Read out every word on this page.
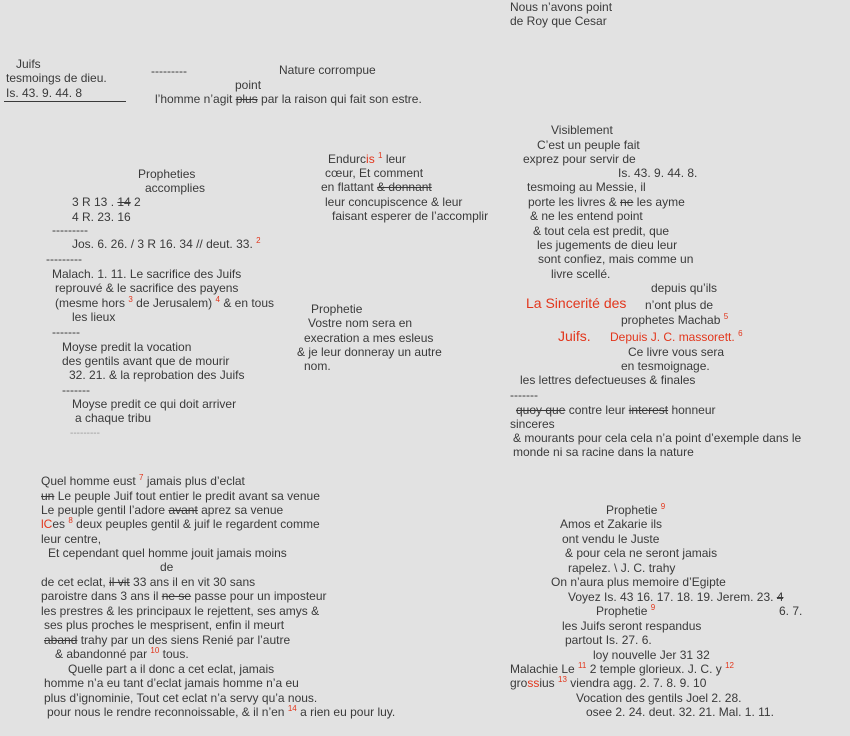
Nous n’avons point
de Roy que Cesar
Juifs
tesmoings de dieu.
Is. 43. 9. 44. 8
---------	Nature corrompue
point
l’homme n’agit plus par la raison qui fait son estre.
Propheties
accomplies
3 R 13 . 14 2
4 R. 23. 16
---------
Jos. 6. 26. / 3 R 16. 34 // deut. 33. $^2$
---------
Malach. 1. 11. Le sacrifice des Juifs
reprouvé & le sacrifice des payens
(mesme hors $^3$ de Jerusalem) $^4$ & en tous
les lieux
-------
Moyse predit la vocation
des gentils avant que de mourir
32. 21. & la reprobation des Juifs
-------
Moyse predit ce qui doit arriver
a chaque tribu
---------
Endurcis $^1$ leur
cœur, Et comment
en flattant & donnant
leur concupiscence & leur
faisant esperer de l’accomplir
Prophetie
Vostre nom sera en
execration a mes esleus
& je leur donneray un autre
nom.
Visiblement
C’est un peuple fait
exprez pour servir de
Is. 43. 9. 44. 8.
tesmoing au Messie, il
porte les livres & ne les ayme
& ne les entend point
& tout cela est predit, que
les jugements de dieu leur
sont confiez, mais comme un
livre scellé.
depuis qu’ils
La Sincerité des n’ont plus de
prophetes Machab $^5$
Juifs. Depuis J. C. massorett. $^6$
Ce livre vous sera
en tesmoignage.
les lettres defectueuses & finales
-------
quoy que contre leur interest honneur
sinceres
& mourants pour cela cela n’a point d’exemple dans le
monde ni sa racine dans la nature
Quel homme eust $^7$ jamais plus d’eclat
un Le peuple Juif tout entier le predit avant sa venue
Le peuple gentil l’adore avant aprez sa venue
lCes $^8$ deux peuples gentil & juif le regardent comme
leur centre,
Et cependant quel homme jouit jamais moins
de
de cet eclat, il vit 33 ans il en vit 30 sans
paroistre dans 3 ans il ne se passe pour un imposteur
les prestres & les principaux le rejettent, ses amys &
ses plus proches le mesprisent, enfin il meurt
aband trahy par un des siens Renié par l’autre
& abandonné par $^{10}$ tous.
Quelle part a il donc a cet eclat, jamais
homme n’a eu tant d’eclat jamais homme n’a eu
plus d’ignominie, Tout cet eclat n’a servy qu’a nous.
pour nous le rendre reconnoissable, & il n’en $^{14}$ a rien eu pour luy.
Prophetie $^9$
Amos et Zakarie ils
ont vendu le Juste
& pour cela ne seront jamais
rapelez. \ J. C. trahy
On n’aura plus memoire d’Egipte
Voyez Is. 43 16. 17. 18. 19. Jerem. 23. 4
Prophetie $^9$	6. 7.
les Juifs seront respandus
partout Is. 27. 6.
loy nouvelle Jer 31 32
Malachie Le $^{11}$ 2 temple glorieux. J. C. y $^{12}$
grossius $^{13}$ viendra agg. 2. 7. 8. 9. 10
Vocation des gentils Joel 2. 28.
osee 2. 24. deut. 32. 21. Mal. 1. 11.
